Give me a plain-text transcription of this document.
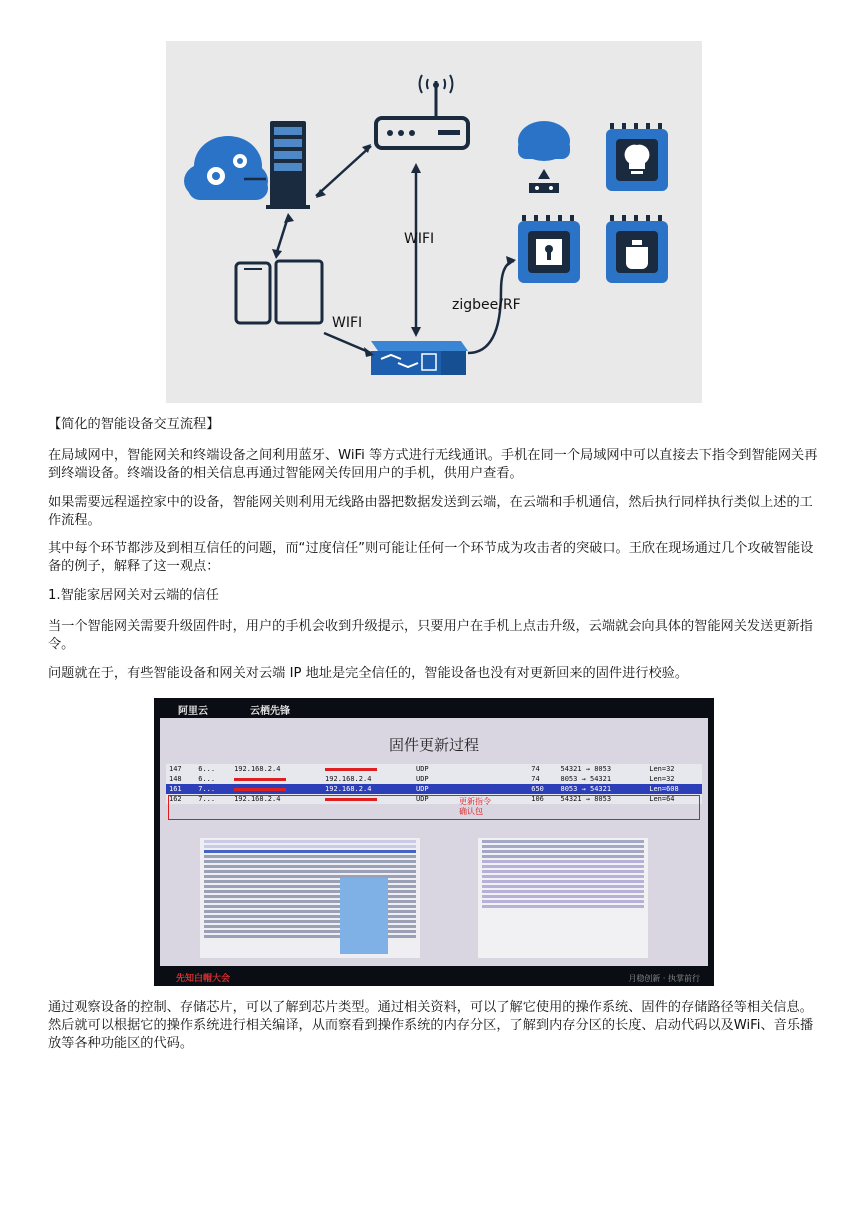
WIFI
WIFI
zigbee/RF

【简化的智能设备交互流程】

在局域网中，智能网关和终端设备之间利用蓝牙、WiFi 等方式进行无线通讯。手机在同一个局域网中可以直接去下指令到智能网关再到终端设备。终端设备的相关信息再通过智能网关传回用户的手机，供用户查看。

如果需要远程遥控家中的设备，智能网关则利用无线路由器把数据发送到云端，在云端和手机通信，然后执行同样执行类似上述的工作流程。

其中每个环节都涉及到相互信任的问题，而“过度信任”则可能让任何一个环节成为攻击者的突破口。王欣在现场通过几个攻破智能设备的例子，解释了这一观点：

1.智能家居网关对云端的信任

当一个智能网关需要升级固件时，用户的手机会收到升级提示，只要用户在手机上点击升级，云端就会向具体的智能网关发送更新指令。

问题就在于，有些智能设备和网关对云端 IP 地址是完全信任的，智能设备也没有对更新回来的固件进行校验。

阿里云	云栖先锋
固件更新过程
147	6...	192.168.2.4		UDP		74	54321 → 8053	Len=32
148	6...		192.168.2.4	UDP		74	8053 → 54321	Len=32
161	7...		192.168.2.4	UDP		650	8053 → 54321	Len=608
162	7...	192.168.2.4		UDP		106	54321 → 8053	Len=64
更新指令
确认包
先知白帽大会	月稳创新 · 执掌前行

通过观察设备的控制、存储芯片，可以了解到芯片类型。通过相关资料，可以了解它使用的操作系统、固件的存储路径等相关信息。然后就可以根据它的操作系统进行相关编译，从而察看到操作系统的内存分区，了解到内存分区的长度、启动代码以及WiFi、音乐播放等各种功能区的代码。
